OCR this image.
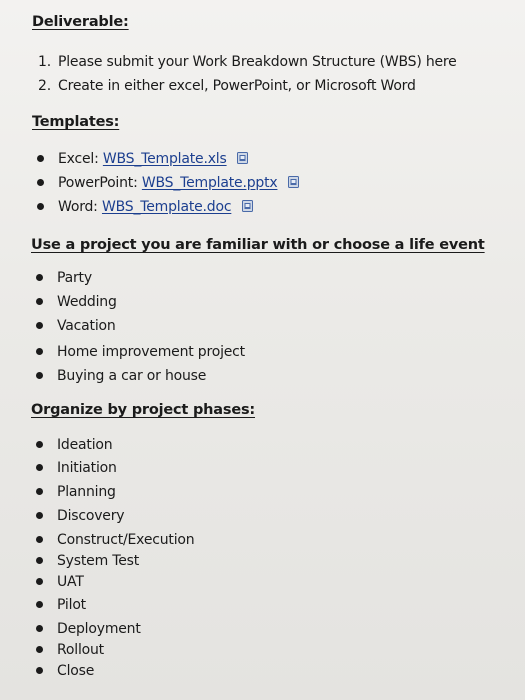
Deliverable:
1. Please submit your Work Breakdown Structure (WBS) here
2. Create in either excel, PowerPoint, or Microsoft Word
Templates:
Excel: WBS_Template.xls
PowerPoint: WBS_Template.pptx
Word: WBS_Template.doc
Use a project you are familiar with or choose a life event
Party
Wedding
Vacation
Home improvement project
Buying a car or house
Organize by project phases:
Ideation
Initiation
Planning
Discovery
Construct/Execution
System Test
UAT
Pilot
Deployment
Rollout
Close
